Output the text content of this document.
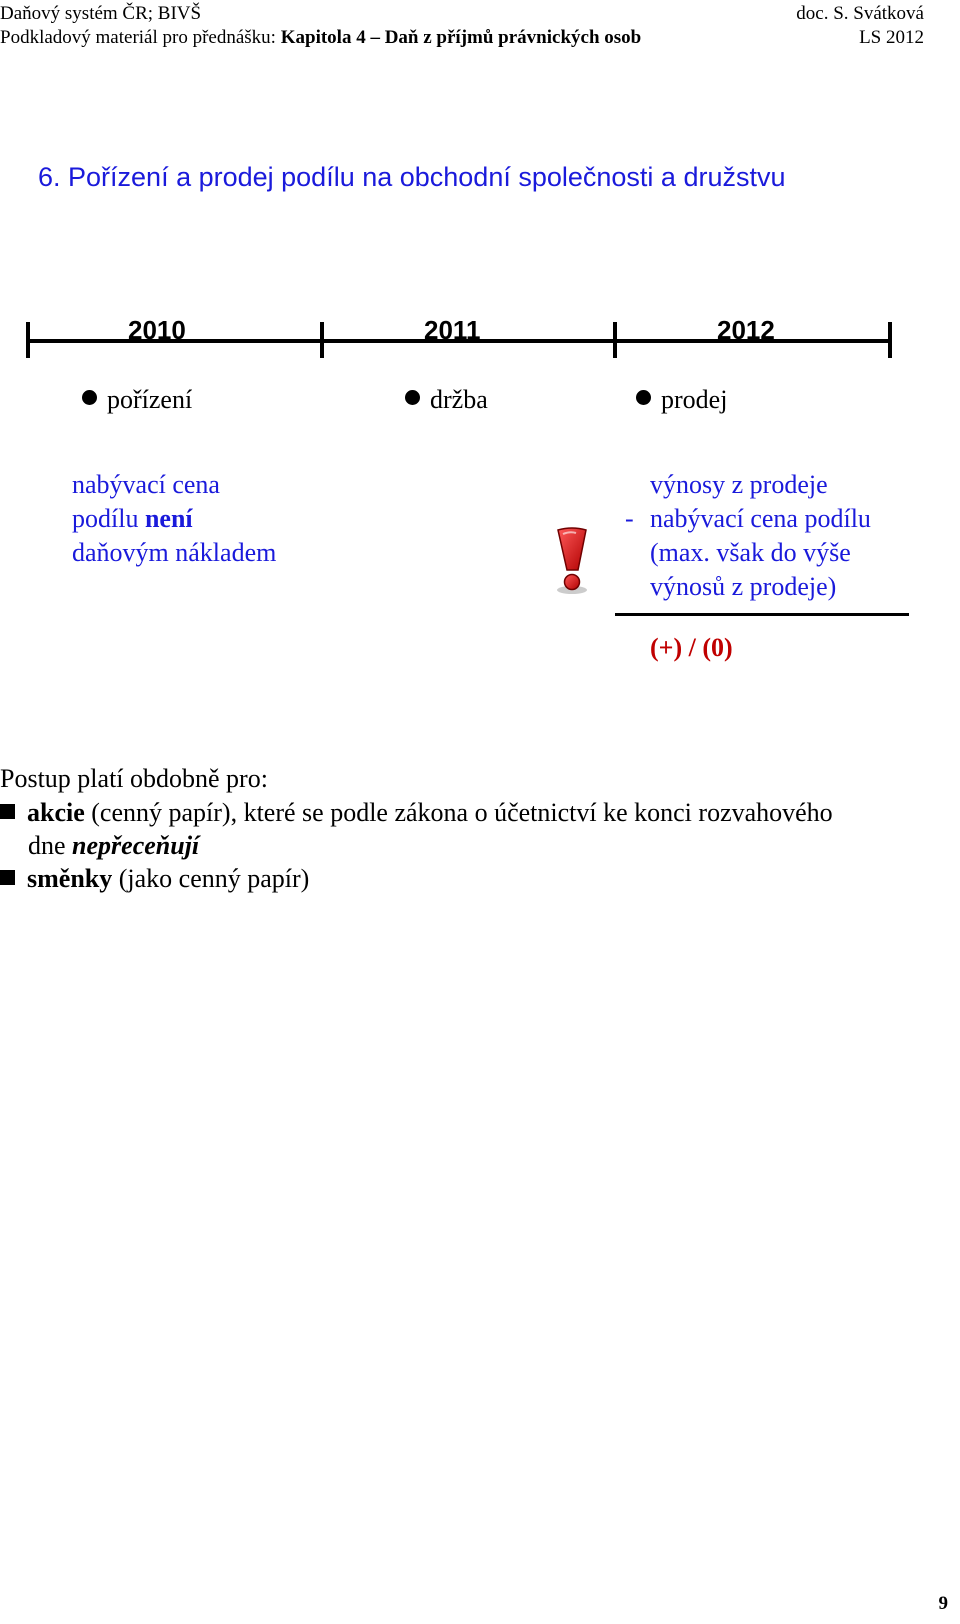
Daňový systém ČR; BIVŠ	doc. S. Svátková
Podkladový materiál pro přednášku: Kapitola 4 – Daň z příjmů právnických osob	LS 2012
6. Pořízení a prodej podílu na obchodní společnosti a družstvu
2010	2011	2012
pořízení	držba	prodej
nabývací cena
podílu není
daňovým nákladem
výnosy z prodeje
nabývací cena podílu
(max. však do výše
výnosů z prodeje)
-
(+) / (0)
Postup platí obdobně pro:
akcie (cenný papír), které se podle zákona o účetnictví ke konci rozvahového
dne nepřeceňují
směnky (jako cenný papír)
9
